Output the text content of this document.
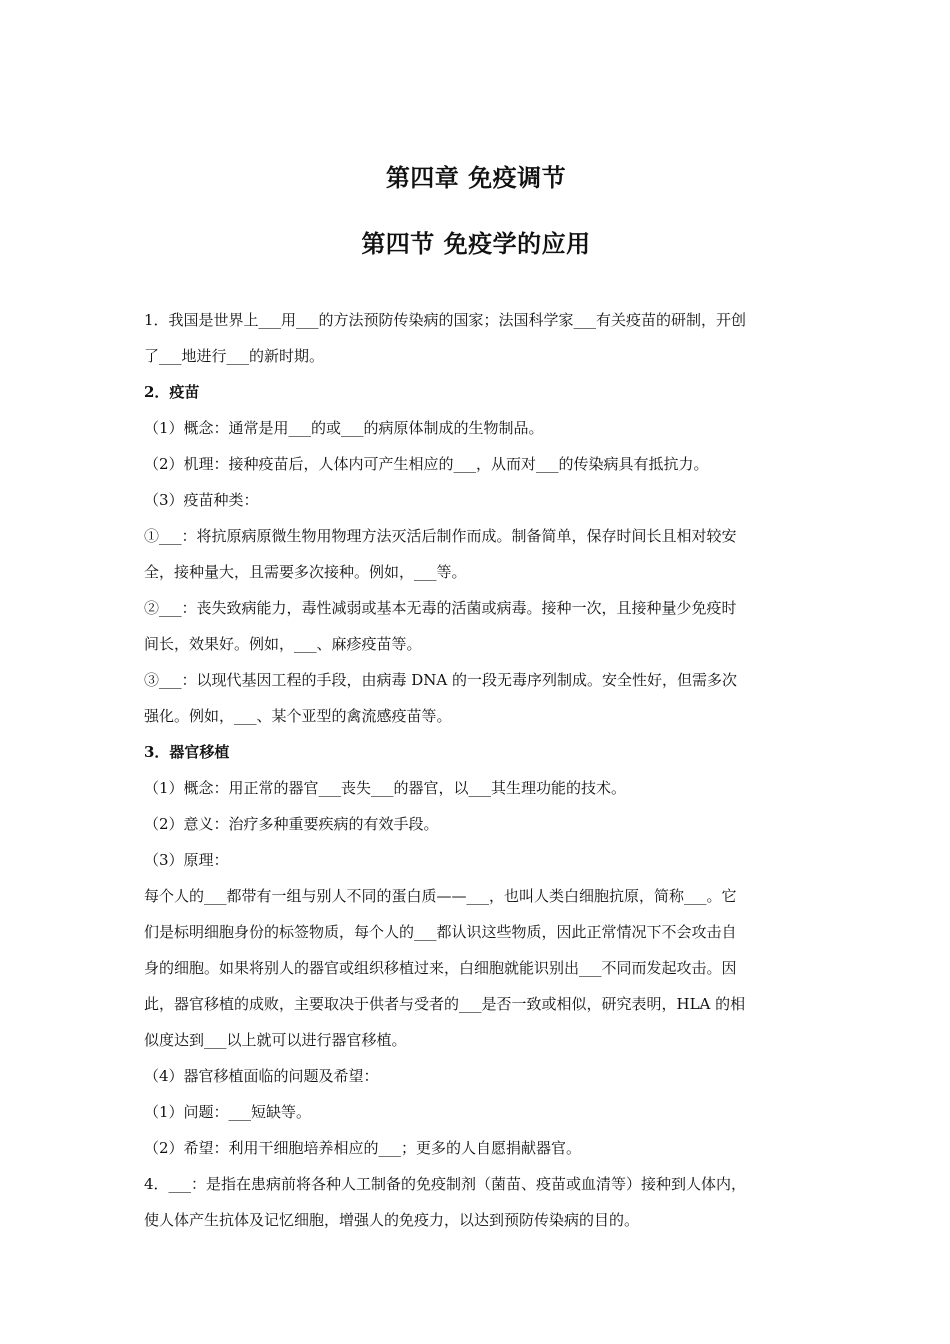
第四章 免疫调节
第四节 免疫学的应用
1．我国是世界上___用___的方法预防传染病的国家；法国科学家___有关疫苗的研制，开创
了___地进行___的新时期。
2．疫苗
（1）概念：通常是用___的或___的病原体制成的生物制品。
（2）机理：接种疫苗后，人体内可产生相应的___，从而对___的传染病具有抵抗力。
（3）疫苗种类：
①___：将抗原病原微生物用物理方法灭活后制作而成。制备简单，保存时间长且相对较安
全，接种量大，且需要多次接种。例如，___等。
②___：丧失致病能力，毒性减弱或基本无毒的活菌或病毒。接种一次，且接种量少免疫时
间长，效果好。例如，___、麻疹疫苗等。
③___：以现代基因工程的手段，由病毒 DNA 的一段无毒序列制成。安全性好，但需多次
强化。例如，___、某个亚型的禽流感疫苗等。
3．器官移植
（1）概念：用正常的器官___丧失___的器官，以___其生理功能的技术。
（2）意义：治疗多种重要疾病的有效手段。
（3）原理：
每个人的___都带有一组与别人不同的蛋白质——___，也叫人类白细胞抗原，简称___。它
们是标明细胞身份的标签物质，每个人的___都认识这些物质，因此正常情况下不会攻击自
身的细胞。如果将别人的器官或组织移植过来，白细胞就能识别出___不同而发起攻击。因
此，器官移植的成败，主要取决于供者与受者的___是否一致或相似，研究表明，HLA 的相
似度达到___以上就可以进行器官移植。
（4）器官移植面临的问题及希望：
（1）问题：___短缺等。
（2）希望：利用干细胞培养相应的___；更多的人自愿捐献器官。
4．___：是指在患病前将各种人工制备的免疫制剂（菌苗、疫苗或血清等）接种到人体内，
使人体产生抗体及记忆细胞，增强人的免疫力，以达到预防传染病的目的。
